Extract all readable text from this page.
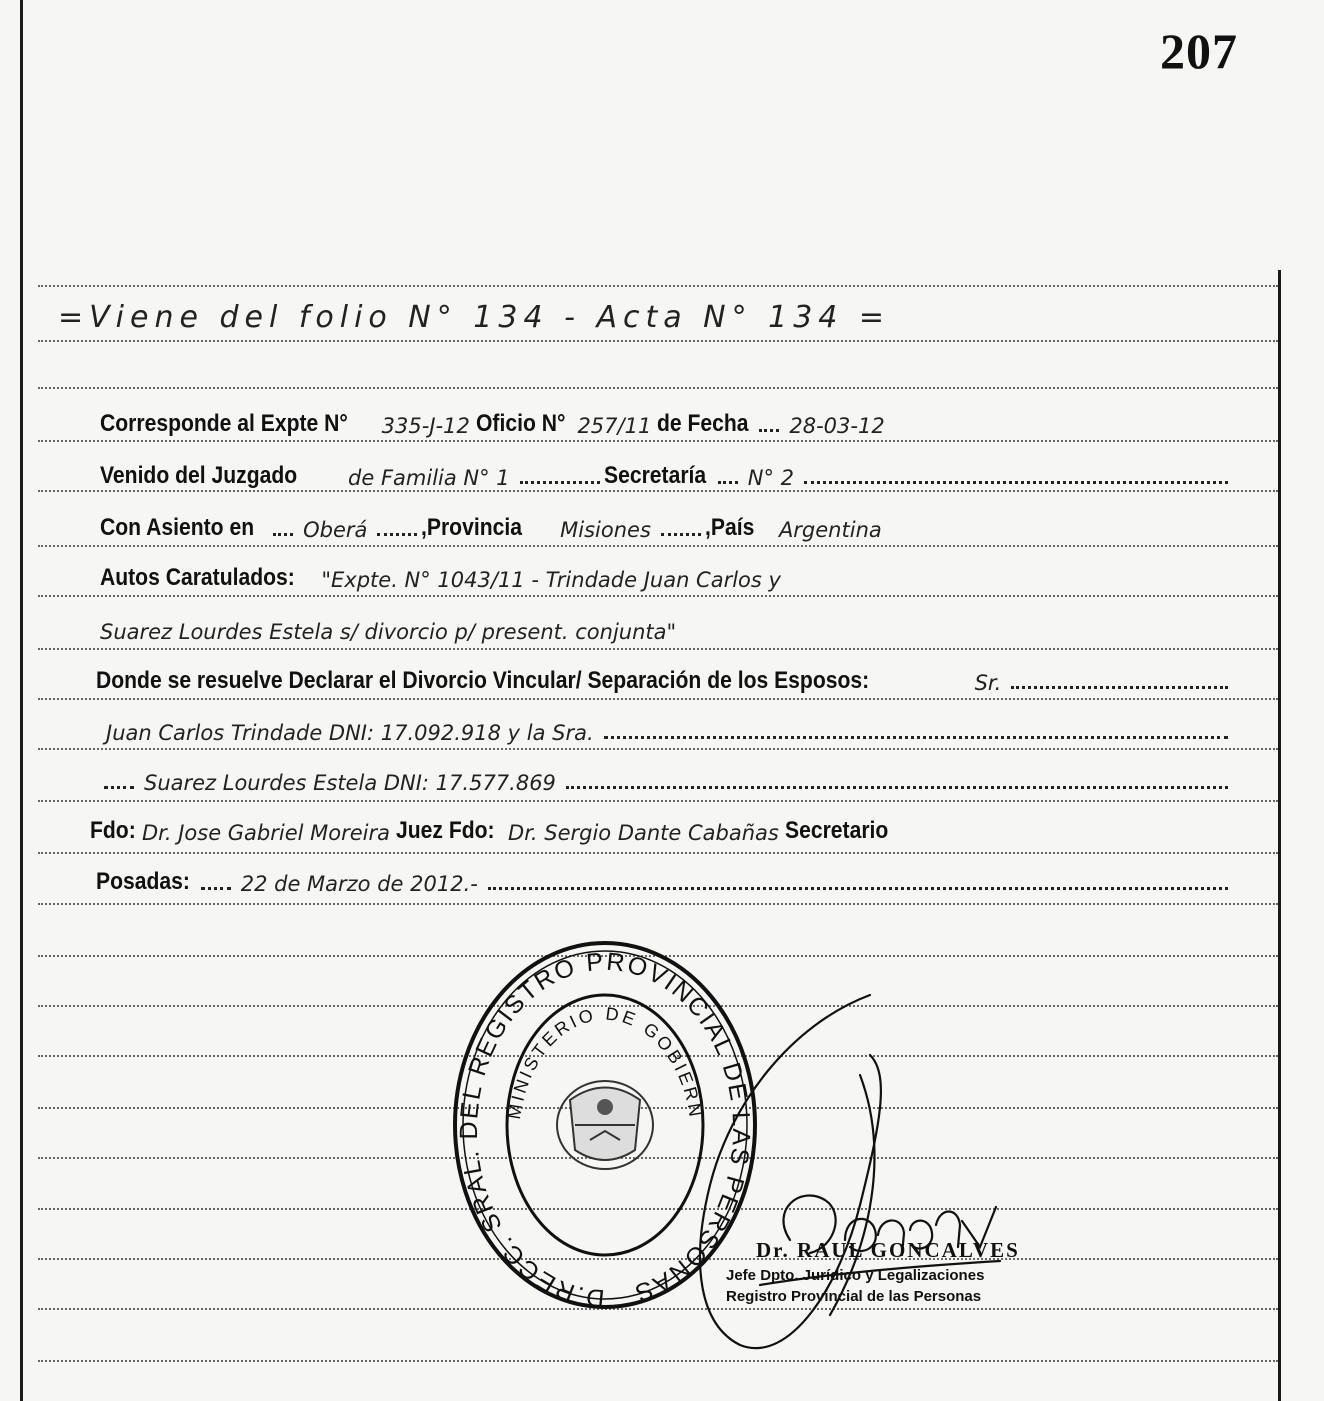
207
=Viene del folio N° 134 - Acta N° 134 =
Corresponde al Expte N° 335-J-12 Oficio N° 257/11 de Fecha 28-03-12
Venido del Juzgado de Familia N° 1	Secretaría N° 2
Con Asiento en Oberá ,Provincia Misiones ,País Argentina
Autos Caratulados: "Expte. N° 1043/11 - Trindade Juan Carlos y
Suarez Lourdes Estela s/ divorcio p/ present. conjunta"
Donde se resuelve Declarar el Divorcio Vincular/ Separación de los Esposos:	Sr.
Juan Carlos Trindade DNI: 17.092.918 y la Sra.
Suarez Lourdes Estela DNI: 17.577.869
Fdo: Dr. Jose Gabriel Moreira Juez Fdo: Dr. Sergio Dante Cabañas Secretario
Posadas: 22 de Marzo de 2012.-
D.RECC. SRAL. DEL REGISTRO PROVINCIAL DE LAS PERSONAS
MINISTERIO DE GOBIERN
Dr. RAUL GONCALVES
Jefe Dpto. Jurídico y Legalizaciones
Registro Provincial de las Personas
